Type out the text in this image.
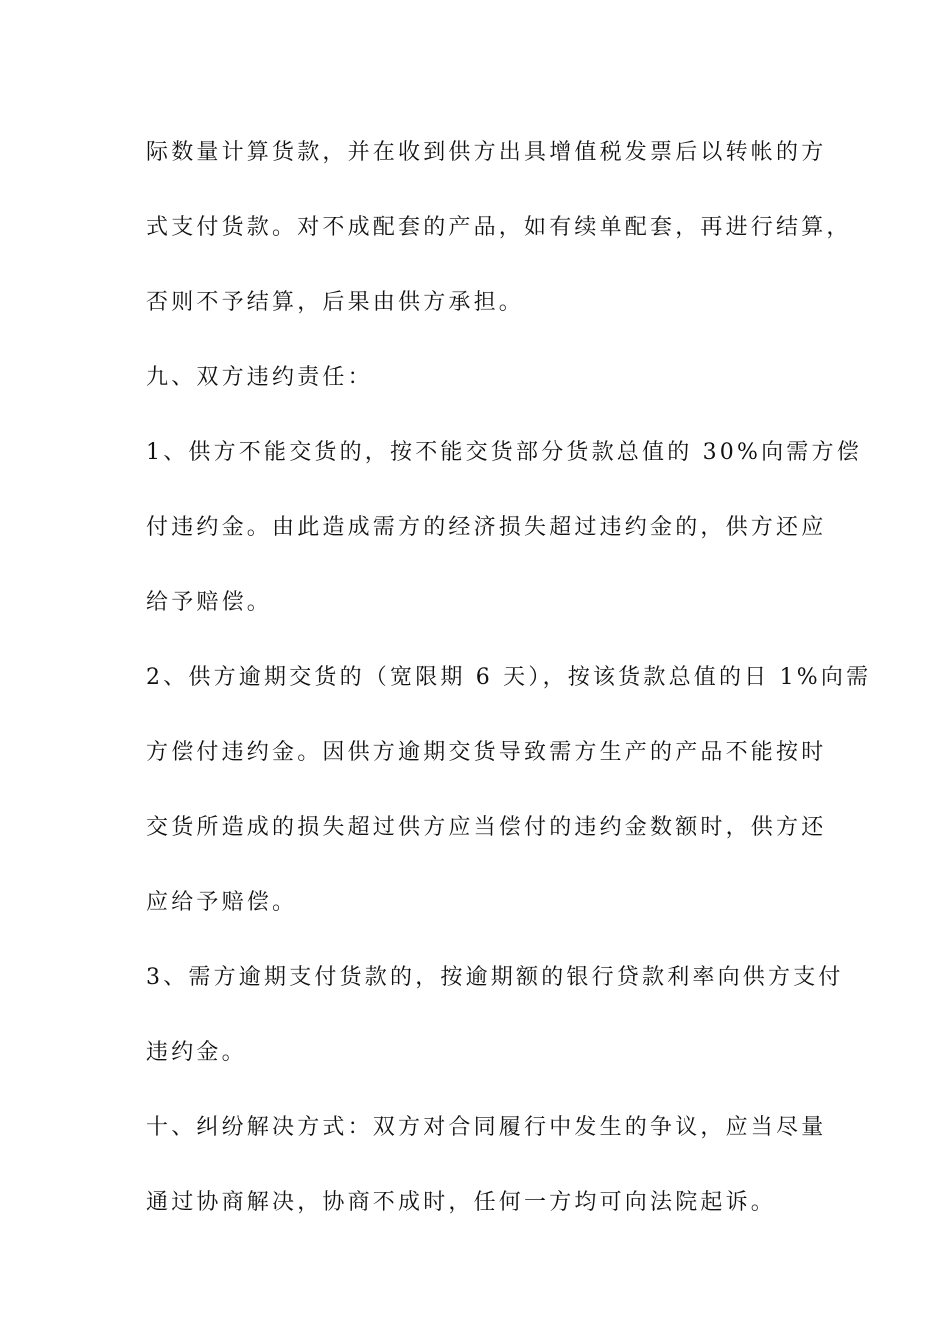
际数量计算货款，并在收到供方出具增值税发票后以转帐的方

式支付货款。对不成配套的产品，如有续单配套，再进行结算，

否则不予结算，后果由供方承担。

九、双方违约责任：

1、供方不能交货的，按不能交货部分货款总值的 30%向需方偿

付违约金。由此造成需方的经济损失超过违约金的，供方还应

给予赔偿。

2、供方逾期交货的（宽限期 6 天），按该货款总值的日 1%向需

方偿付违约金。因供方逾期交货导致需方生产的产品不能按时

交货所造成的损失超过供方应当偿付的违约金数额时，供方还

应给予赔偿。

3、需方逾期支付货款的，按逾期额的银行贷款利率向供方支付

违约金。

十、纠纷解决方式：双方对合同履行中发生的争议，应当尽量

通过协商解决，协商不成时，任何一方均可向法院起诉。
